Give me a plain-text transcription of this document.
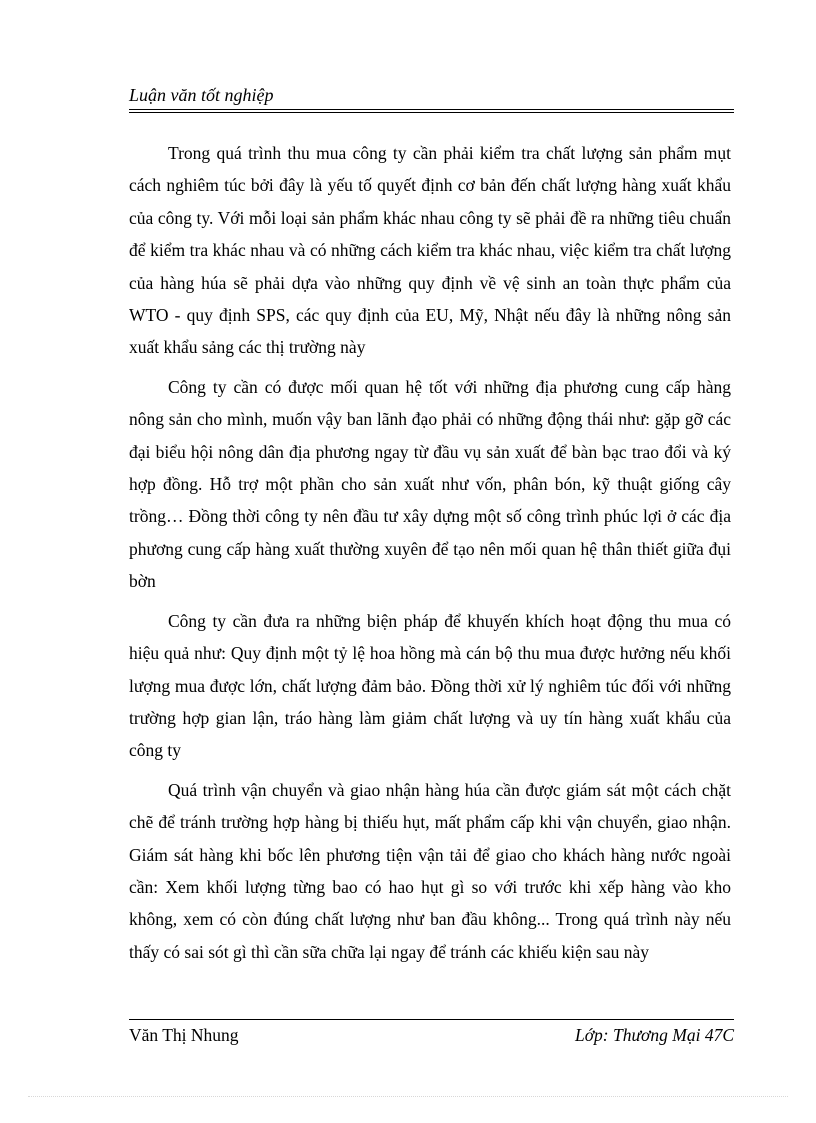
Luận văn tốt nghiệp

Trong quá trình thu mua công ty cần phải kiểm tra chất lượng sản phẩm mụt cách nghiêm túc bởi đây là yếu tố quyết định cơ bản đến chất lượng hàng xuất khẩu của công ty. Với mỗi loại sản phẩm khác nhau công ty sẽ phải đề ra những tiêu chuẩn để kiểm tra khác nhau và có những cách kiểm tra khác nhau, việc kiểm tra chất lượng của hàng húa sẽ phải dựa vào những quy định về vệ sinh an toàn thực phẩm của WTO - quy định SPS, các quy định của EU, Mỹ, Nhật nếu đây là những nông sản xuất khẩu sảng các thị trường này

Công ty cần có được mối quan hệ tốt với những địa phương cung cấp hàng nông sản cho mình, muốn vậy ban lãnh đạo phải có những động thái như: gặp gỡ các đại biểu hội nông dân địa phương ngay từ đầu vụ sản xuất để bàn bạc trao đổi và ký hợp đồng. Hỗ trợ một phần cho sản xuất như vốn, phân bón, kỹ thuật giống cây trồng… Đồng thời công ty nên đầu tư xây dựng một số công trình phúc lợi ở các địa phương cung cấp hàng xuất thường xuyên để tạo nên mối quan hệ thân thiết giữa đụi bờn

Công ty cần đưa ra những biện pháp để khuyến khích hoạt động thu mua có hiệu quả như: Quy định một tỷ lệ hoa hồng mà cán bộ thu mua được hưởng nếu khối lượng mua được lớn, chất lượng đảm bảo. Đồng thời xử lý nghiêm túc đối với những trường hợp gian lận, tráo hàng làm giảm chất lượng và uy tín hàng xuất khẩu của công ty

Quá trình vận chuyển và giao nhận hàng húa cần được giám sát một cách chặt chẽ để tránh trường hợp hàng bị thiếu hụt, mất phẩm cấp khi vận chuyển, giao nhận. Giám sát hàng khi bốc lên phương tiện vận tải để giao cho khách hàng nước ngoài cần: Xem khối lượng từng bao có hao hụt gì so với trước khi xếp hàng vào kho không, xem có còn đúng chất lượng như ban đầu không... Trong quá trình này nếu thấy có sai sót gì thì cần sữa chữa lại ngay để tránh các khiếu kiện sau này

Văn Thị Nhung	Lớp: Thương Mại 47C
